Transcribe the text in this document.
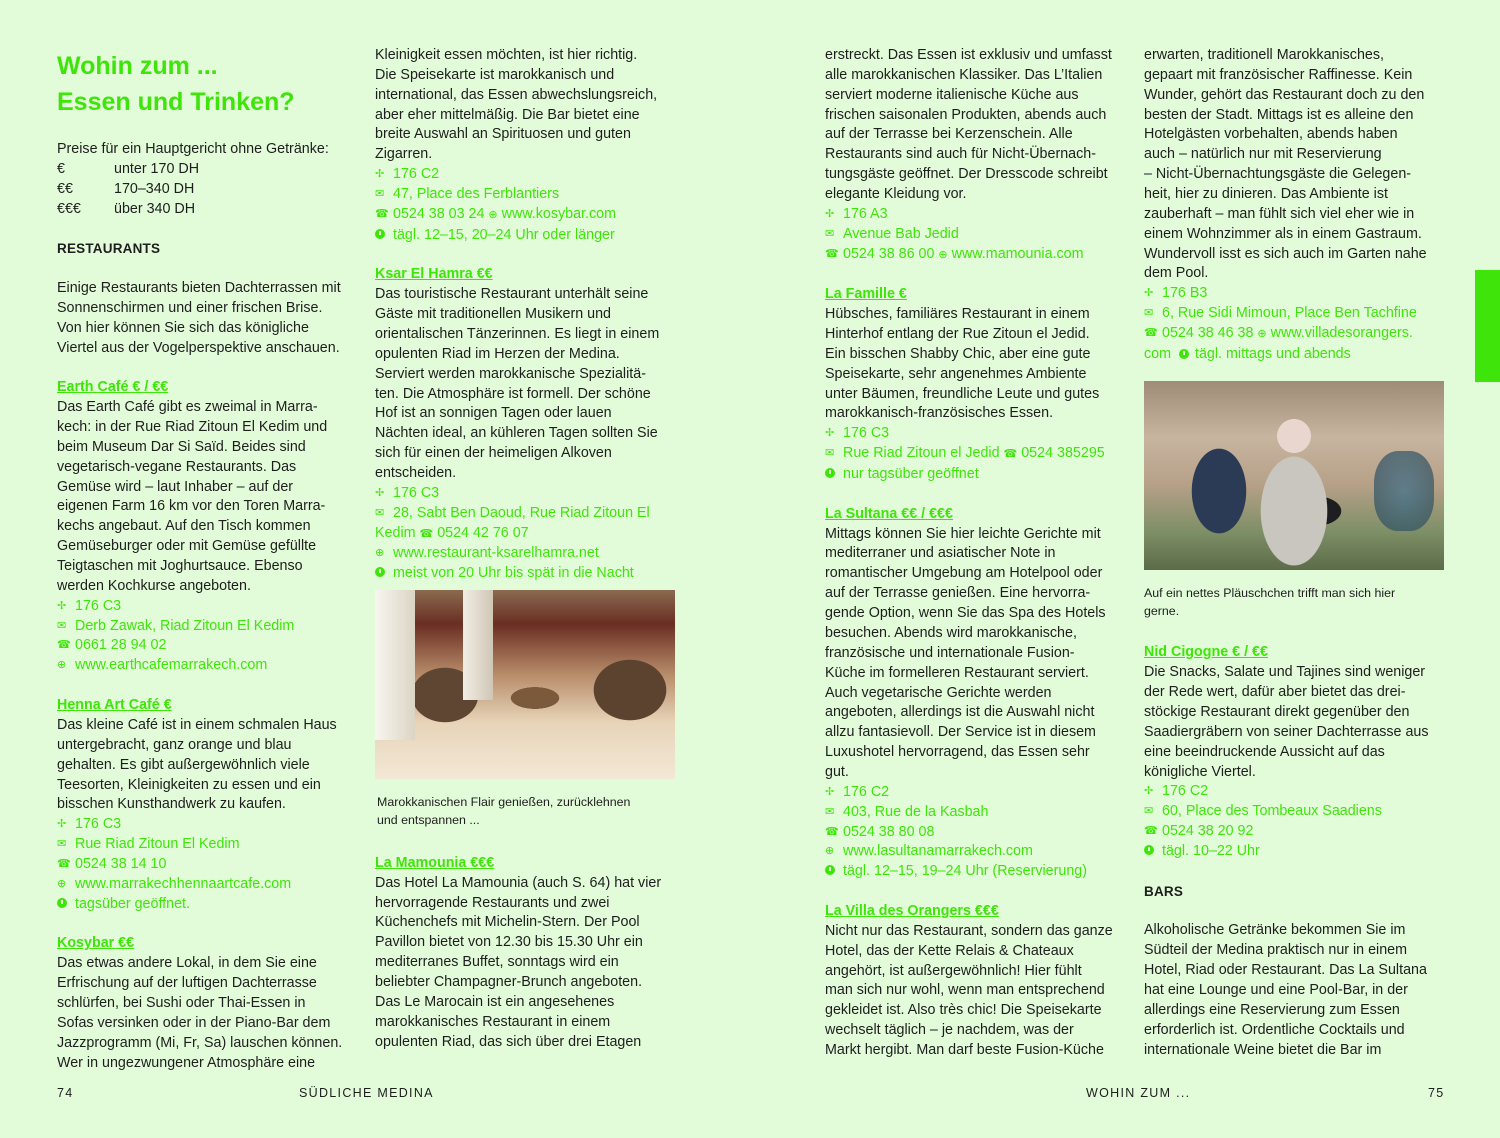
Wohin zum ...
Essen und Trinken?

Preise für ein Hauptgericht ohne Getränke:

€	unter 170 DH
€€	170–340 DH
€€€	über 340 DH

RESTAURANTS

Einige Restaurants bieten Dachterrassen mit

Sonnenschirmen und einer frischen Brise.

Von hier können Sie sich das königliche

Viertel aus der Vogelperspektive anschauen.

Earth Café € / €€

Das Earth Café gibt es zweimal in Marra-

kech: in der Rue Riad Zitoun El Kedim und

beim Museum Dar Si Saïd. Beides sind

vegetarisch-vegane Restaurants. Das

Gemüse wird – laut Inhaber – auf der

eigenen Farm 16 km vor den Toren Marra-

kechs angebaut. Auf den Tisch kommen

Gemüseburger oder mit Gemüse gefüllte

Teigtaschen mit Joghurtsauce. Ebenso

werden Kochkurse angeboten.

✢ 176 C3
✉ Derb Zawak, Riad Zitoun El Kedim
☎ 0661 28 94 02
⊕ www.earthcafemarrakech.com

Henna Art Café €

Das kleine Café ist in einem schmalen Haus

untergebracht, ganz orange und blau

gehalten. Es gibt außergewöhnlich viele

Teesorten, Kleinigkeiten zu essen und ein

bisschen Kunsthandwerk zu kaufen.

✢ 176 C3
✉ Rue Riad Zitoun El Kedim
☎ 0524 38 14 10
⊕ www.marrakechhennaartcafe.com
tagsüber geöffnet.

Kosybar €€

Das etwas andere Lokal, in dem Sie eine

Erfrischung auf der luftigen Dachterrasse

schlürfen, bei Sushi oder Thai-Essen in

Sofas versinken oder in der Piano-Bar dem

Jazzprogramm (Mi, Fr, Sa) lauschen können.

Wer in ungezwungener Atmosphäre eine

Kleinigkeit essen möchten, ist hier richtig.

Die Speisekarte ist marokkanisch und

international, das Essen abwechslungsreich,

aber eher mittelmäßig. Die Bar bietet eine

breite Auswahl an Spirituosen und guten

Zigarren.

✢ 176 C2
✉ 47, Place des Ferblantiers
☎ 0524 38 03 24 ⊕ www.kosybar.com
tägl. 12–15, 20–24 Uhr oder länger

Ksar El Hamra €€

Das touristische Restaurant unterhält seine

Gäste mit traditionellen Musikern und

orientalischen Tänzerinnen. Es liegt in einem

opulenten Riad im Herzen der Medina.

Serviert werden marokkanische Spezialitä-

ten. Die Atmosphäre ist formell. Der schöne

Hof ist an sonnigen Tagen oder lauen

Nächten ideal, an kühleren Tagen sollten Sie

sich für einen der heimeligen Alkoven

entscheiden.

✢ 176 C3
✉ 28, Sabt Ben Daoud, Rue Riad Zitoun El
Kedim ☎ 0524 42 76 07
⊕ www.restaurant-ksarelhamra.net
meist von 20 Uhr bis spät in die Nacht

Marokkanischen Flair genießen, zurücklehnen

und entspannen ...

La Mamounia €€€

Das Hotel La Mamounia (auch S. 64) hat vier

hervorragende Restaurants und zwei

Küchenchefs mit Michelin-Stern. Der Pool

Pavillon bietet von 12.30 bis 15.30 Uhr ein

mediterranes Buffet, sonntags wird ein

beliebter Champagner-Brunch angeboten.

Das Le Marocain ist ein angesehenes

marokkanisches Restaurant in einem

opulenten Riad, das sich über drei Etagen

erstreckt. Das Essen ist exklusiv und umfasst

alle marokkanischen Klassiker. Das L’Italien

serviert moderne italienische Küche aus

frischen saisonalen Produkten, abends auch

auf der Terrasse bei Kerzenschein. Alle

Restaurants sind auch für Nicht-Übernach-

tungsgäste geöffnet. Der Dresscode schreibt

elegante Kleidung vor.

✢ 176 A3
✉ Avenue Bab Jedid
☎ 0524 38 86 00 ⊕ www.mamounia.com

La Famille €

Hübsches, familiäres Restaurant in einem

Hinterhof entlang der Rue Zitoun el Jedid.

Ein bisschen Shabby Chic, aber eine gute

Speisekarte, sehr angenehmes Ambiente

unter Bäumen, freundliche Leute und gutes

marokkanisch-französisches Essen.

✢ 176 C3
✉ Rue Riad Zitoun el Jedid ☎ 0524 385295
nur tagsüber geöffnet

La Sultana €€ / €€€

Mittags können Sie hier leichte Gerichte mit

mediterraner und asiatischer Note in

romantischer Umgebung am Hotelpool oder

auf der Terrasse genießen. Eine hervorra-

gende Option, wenn Sie das Spa des Hotels

besuchen. Abends wird marokkanische,

französische und internationale Fusion-

Küche im formelleren Restaurant serviert.

Auch vegetarische Gerichte werden

angeboten, allerdings ist die Auswahl nicht

allzu fantasievoll. Der Service ist in diesem

Luxushotel hervorragend, das Essen sehr

gut.

✢ 176 C2
✉ 403, Rue de la Kasbah
☎ 0524 38 80 08
⊕ www.lasultanamarrakech.com
tägl. 12–15, 19–24 Uhr (Reservierung)

La Villa des Orangers €€€

Nicht nur das Restaurant, sondern das ganze

Hotel, das der Kette Relais & Chateaux

angehört, ist außergewöhnlich! Hier fühlt

man sich nur wohl, wenn man entsprechend

gekleidet ist. Also très chic! Die Speisekarte

wechselt täglich – je nachdem, was der

Markt hergibt. Man darf beste Fusion-Küche

erwarten, traditionell Marokkanisches,

gepaart mit französischer Raffinesse. Kein

Wunder, gehört das Restaurant doch zu den

besten der Stadt. Mittags ist es alleine den

Hotelgästen vorbehalten, abends haben

auch – natürlich nur mit Reservierung

– Nicht-Übernachtungsgäste die Gelegen-

heit, hier zu dinieren. Das Ambiente ist

zauberhaft – man fühlt sich viel eher wie in

einem Wohnzimmer als in einem Gastraum.

Wundervoll isst es sich auch im Garten nahe

dem Pool.

✢ 176 B3
✉ 6, Rue Sidi Mimoun, Place Ben Tachfine
☎ 0524 38 46 38 ⊕ www.villadesorangers.
com tägl. mittags und abends

Auf ein nettes Pläuschchen trifft man sich hier

gerne.

Nid Cigogne € / €€

Die Snacks, Salate und Tajines sind weniger

der Rede wert, dafür aber bietet das drei-

stöckige Restaurant direkt gegenüber den

Saadiergräbern von seiner Dachterrasse aus

eine beeindruckende Aussicht auf das

königliche Viertel.

✢ 176 C2
✉ 60, Place des Tombeaux Saadiens
☎ 0524 38 20 92
tägl. 10–22 Uhr

BARS

Alkoholische Getränke bekommen Sie im

Südteil der Medina praktisch nur in einem

Hotel, Riad oder Restaurant. Das La Sultana

hat eine Lounge und eine Pool-Bar, in der

allerdings eine Reservierung zum Essen

erforderlich ist. Ordentliche Cocktails und

internationale Weine bietet die Bar im

74	SÜDLICHE MEDINA	WOHIN ZUM ...	75
